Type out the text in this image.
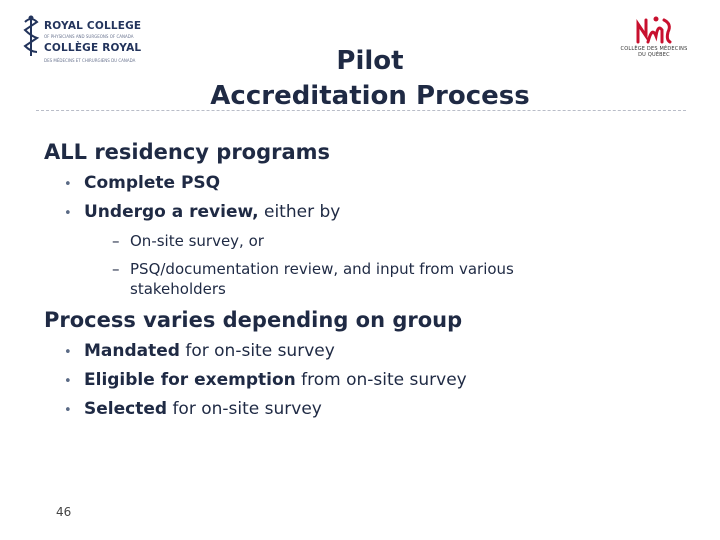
ROYAL COLLEGE
OF PHYSICIANS AND SURGEONS OF CANADA
COLLÈGE ROYAL
DES MÉDECINS ET CHIRURGIENS DU CANADA
COLLÈGE DES MÉDECINS
DU QUÉBEC
Pilot
Accreditation Process
ALL residency programs
• Complete PSQ
• Undergo a review, either by
– On-site survey, or
– PSQ/documentation review, and input from various
stakeholders
Process varies depending on group
• Mandated for on-site survey
• Eligible for exemption from on-site survey
• Selected for on-site survey
46
